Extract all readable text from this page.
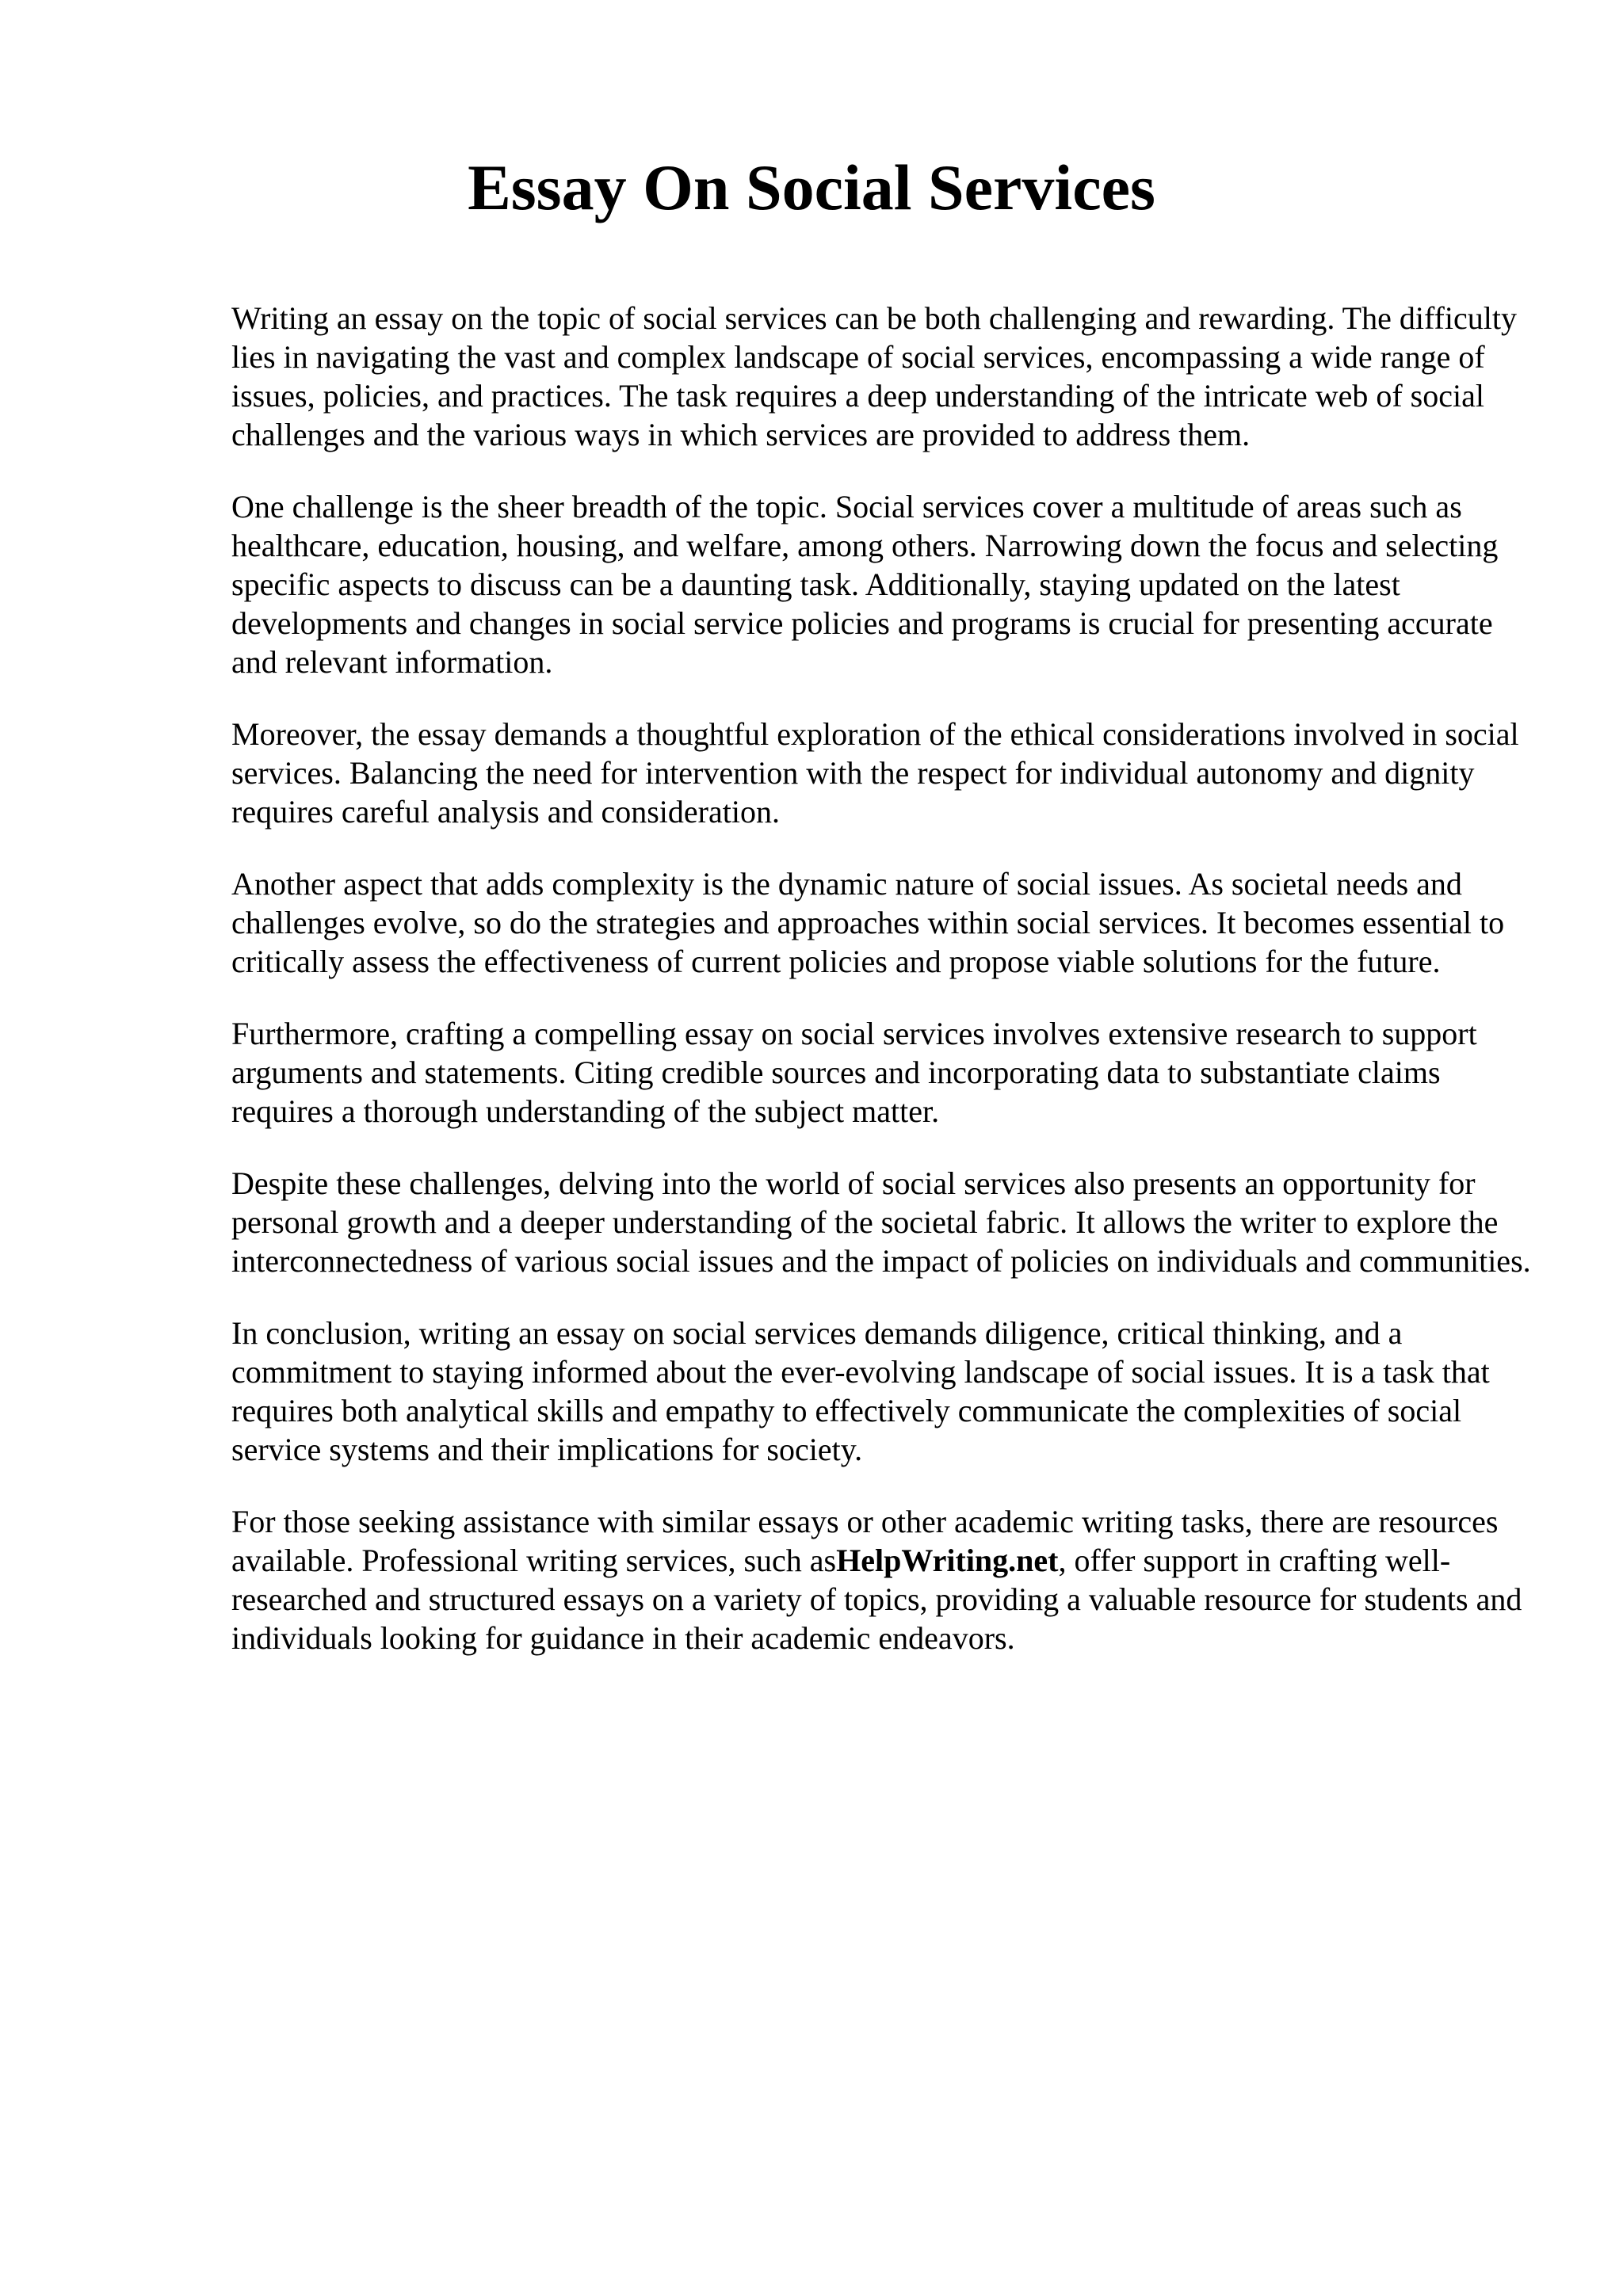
Essay On Social Services

Writing an essay on the topic of social services can be both challenging and rewarding. The difficulty lies in navigating the vast and complex landscape of social services, encompassing a wide range of issues, policies, and practices. The task requires a deep understanding of the intricate web of social challenges and the various ways in which services are provided to address them.

One challenge is the sheer breadth of the topic. Social services cover a multitude of areas such as healthcare, education, housing, and welfare, among others. Narrowing down the focus and selecting specific aspects to discuss can be a daunting task. Additionally, staying updated on the latest developments and changes in social service policies and programs is crucial for presenting accurate and relevant information.

Moreover, the essay demands a thoughtful exploration of the ethical considerations involved in social services. Balancing the need for intervention with the respect for individual autonomy and dignity requires careful analysis and consideration.

Another aspect that adds complexity is the dynamic nature of social issues. As societal needs and challenges evolve, so do the strategies and approaches within social services. It becomes essential to critically assess the effectiveness of current policies and propose viable solutions for the future.

Furthermore, crafting a compelling essay on social services involves extensive research to support arguments and statements. Citing credible sources and incorporating data to substantiate claims requires a thorough understanding of the subject matter.

Despite these challenges, delving into the world of social services also presents an opportunity for personal growth and a deeper understanding of the societal fabric. It allows the writer to explore the interconnectedness of various social issues and the impact of policies on individuals and communities.

In conclusion, writing an essay on social services demands diligence, critical thinking, and a commitment to staying informed about the ever-evolving landscape of social issues. It is a task that requires both analytical skills and empathy to effectively communicate the complexities of social service systems and their implications for society.

For those seeking assistance with similar essays or other academic writing tasks, there are resources available. Professional writing services, such asHelpWriting.net, offer support in crafting well-researched and structured essays on a variety of topics, providing a valuable resource for students and individuals looking for guidance in their academic endeavors.
